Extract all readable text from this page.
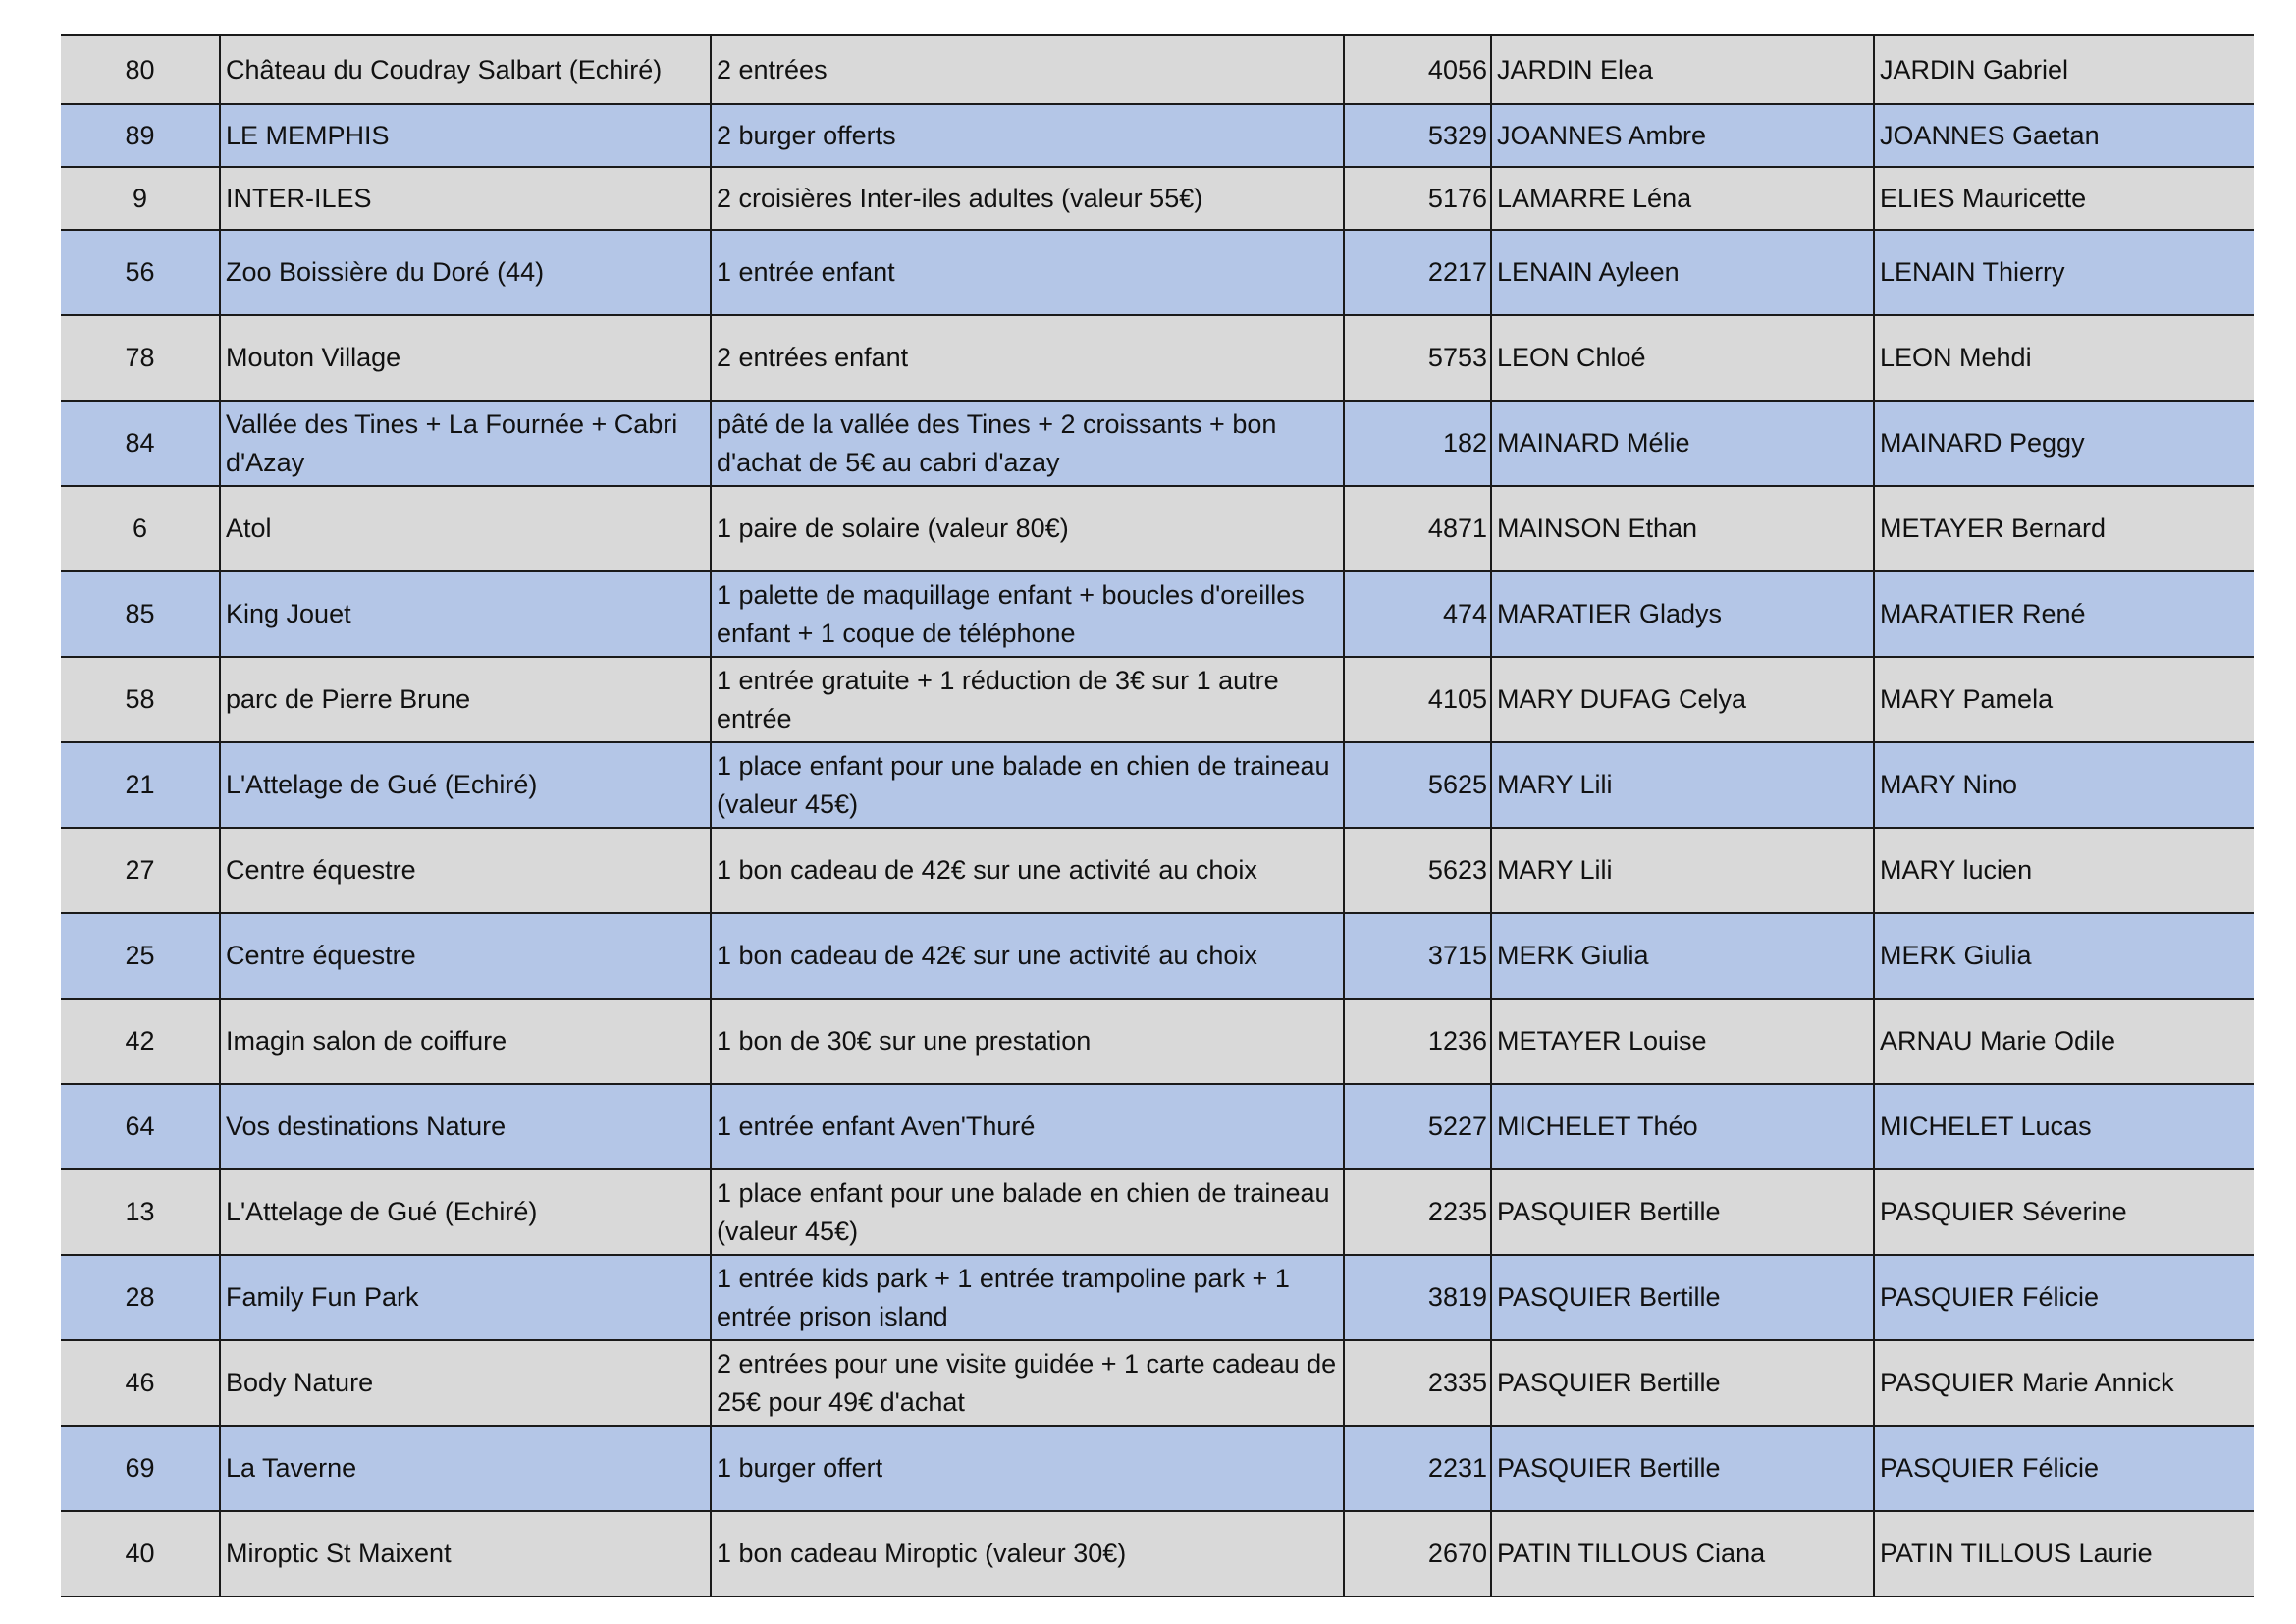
80	Château du Coudray Salbart (Echiré)	2 entrées	4056	JARDIN Elea	JARDIN Gabriel
89	LE MEMPHIS	2 burger offerts	5329	JOANNES Ambre	JOANNES Gaetan
9	INTER-ILES	2 croisières Inter-iles adultes (valeur 55€)	5176	LAMARRE Léna	ELIES Mauricette
56	Zoo Boissière du Doré (44)	1 entrée enfant	2217	LENAIN Ayleen	LENAIN Thierry
78	Mouton Village	2 entrées enfant	5753	LEON Chloé	LEON Mehdi
84	Vallée des Tines + La Fournée + Cabri d'Azay	pâté de la vallée des Tines + 2 croissants + bon d'achat de 5€ au cabri d'azay	182	MAINARD Mélie	MAINARD Peggy
6	Atol	1 paire de solaire (valeur 80€)	4871	MAINSON Ethan	METAYER Bernard
85	King Jouet	1 palette de maquillage enfant + boucles d'oreilles enfant + 1 coque de téléphone	474	MARATIER Gladys	MARATIER René
58	parc de Pierre Brune	1 entrée gratuite + 1 réduction de 3€ sur 1 autre entrée	4105	MARY DUFAG Celya	MARY Pamela
21	L'Attelage de Gué (Echiré)	1 place enfant pour une balade en chien de traineau (valeur 45€)	5625	MARY Lili	MARY Nino
27	Centre équestre	1 bon cadeau de 42€ sur une activité au choix	5623	MARY Lili	MARY lucien
25	Centre équestre	1 bon cadeau de 42€ sur une activité au choix	3715	MERK Giulia	MERK Giulia
42	Imagin salon de coiffure	1 bon de 30€ sur une prestation	1236	METAYER Louise	ARNAU Marie Odile
64	Vos destinations Nature	1 entrée enfant Aven'Thuré	5227	MICHELET Théo	MICHELET Lucas
13	L'Attelage de Gué (Echiré)	1 place enfant pour une balade en chien de traineau (valeur 45€)	2235	PASQUIER Bertille	PASQUIER Séverine
28	Family Fun Park	1 entrée kids park + 1 entrée trampoline park + 1 entrée prison island	3819	PASQUIER Bertille	PASQUIER Félicie
46	Body Nature	2 entrées pour une visite guidée + 1 carte cadeau de 25€ pour 49€ d'achat	2335	PASQUIER Bertille	PASQUIER Marie Annick
69	La Taverne	1 burger offert	2231	PASQUIER Bertille	PASQUIER Félicie
40	Miroptic St Maixent	1 bon cadeau Miroptic (valeur 30€)	2670	PATIN TILLOUS Ciana	PATIN TILLOUS Laurie
